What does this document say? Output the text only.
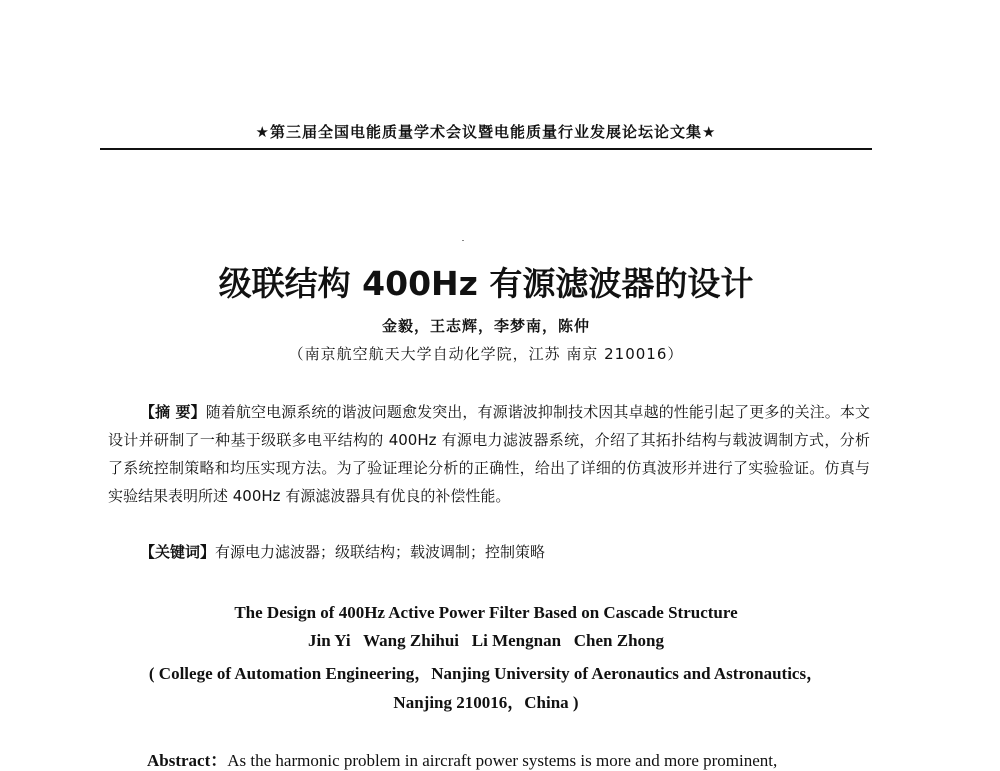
★第三届全国电能质量学术会议暨电能质量行业发展论坛论文集★
级联结构 400Hz 有源滤波器的设计
金毅，王志辉，李梦南，陈仲
（南京航空航天大学自动化学院，江苏 南京 210016）

【摘 要】随着航空电源系统的谐波问题愈发突出，有源谐波抑制技术因其卓越的性能引起了更多的关注。本文设计并研制了一种基于级联多电平结构的 400Hz 有源电力滤波器系统，介绍了其拓扑结构与载波调制方式，分析了系统控制策略和均压实现方法。为了验证理论分析的正确性，给出了详细的仿真波形并进行了实验验证。仿真与实验结果表明所述 400Hz 有源滤波器具有优良的补偿性能。

【关键词】有源电力滤波器；级联结构；载波调制；控制策略
The Design of 400Hz Active Power Filter Based on Cascade Structure
Jin Yi   Wang Zhihui   Li Mengnan   Chen Zhong
( College of Automation Engineering，Nanjing University of Aeronautics and Astronautics，
Nanjing 210016，China )
Abstract：As the harmonic problem in aircraft power systems is more and more prominent,
